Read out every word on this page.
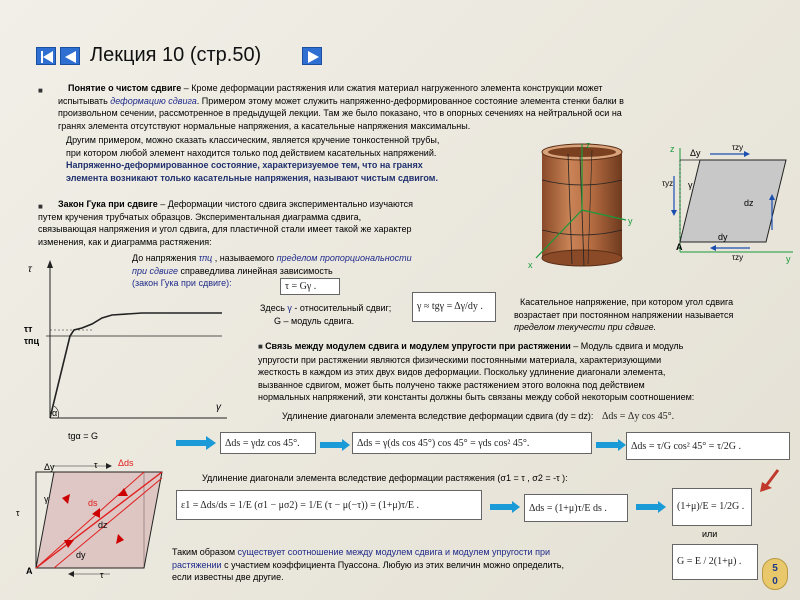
Лекция 10 (стр.50)
■	Понятие о чистом сдвиге – Кроме деформации растяжения или сжатия материал нагруженного элемента конструкции может
испытывать деформацию сдвига. Примером этому может служить напряженно-деформированное состояние элемента стенки балки в
произвольном сечении, рассмотренное в предыдущей лекции. Там же было показано, что в опорных сечениях на нейтральной оси на
гранях элемента отсутствуют нормальные напряжения, а касательные напряжения максимальны.
Другим примером, можно сказать классическим, является кручение тонкостенной трубы,
при котором любой элемент находится только под действием касательных напряжений.
Напряженно-деформированное состояние, характеризуемое тем, что на гранях
элемента возникают только касательные напряжения, называют чистым сдвигом.
■	Закон Гука при сдвиге – Деформации чистого сдвига экспериментально изучаются
путем кручения трубчатых образцов. Экспериментальная диаграмма сдвига,
связывающая напряжения и угол сдвига, для пластичной стали имеет такой же характер
изменения, как и диаграмма растяжения:
До напряжения τпц , называемого пределом пропорциональности
при сдвиге справедлива линейная зависимость
(закон Гука при сдвиге):	τ = Gγ .
Здесь γ - относительный сдвиг;
G – модуль сдвига.
γ ≈ tgγ = Δγ/dy .
τ
γ
τт
τпц
α
tgα = G
z
y
x
z
y
Δy
τzy
τyz γ
dz
dy
A
τzy
Касательное напряжение, при котором угол сдвига
возрастает при постоянном напряжении называется
пределом текучести при сдвиге.
■ Связь между модулем сдвига и модулем упругости при растяжении – Модуль сдвига и модуль
упругости при растяжении являются физическими постоянными материала, характеризующими
жесткость в каждом из этих двух видов деформации. Поскольку удлинение диагонали элемента,
вызванное сдвигом, может быть получено также растяжением этого волокна под действием
нормальных напряжений, эти константы должны быть связаны между собой некоторым соотношением:
Удлинение диагонали элемента вследствие деформации сдвига (dy = dz): Δds = Δy cos 45°.
Δds = γdz cos 45°.	Δds = γ(ds cos 45°) cos 45° = γds cos² 45°.	Δds = τ/G cos² 45° = τ/2G .
Удлинение диагонали элемента вследствие деформации растяжения (σ1 = τ , σ2 = -τ ):
ε1 = Δds/ds = 1/E (σ1 − μσ2) = 1/E (τ − μ(−τ)) = (1+μ)τ/E .	Δds = (1+μ)τ/E ds .	(1+μ)/E = 1/2G .
или
Δy	τ Δds
γ	ds
dz
dy
τ
τ
A
Таким образом существует соотношение между модулем сдвига и модулем упругости при
растяжении с участием коэффициента Пуассона. Любую из этих величин можно определить,
если известны две другие.
G = E / 2(1+μ) .
5
0
